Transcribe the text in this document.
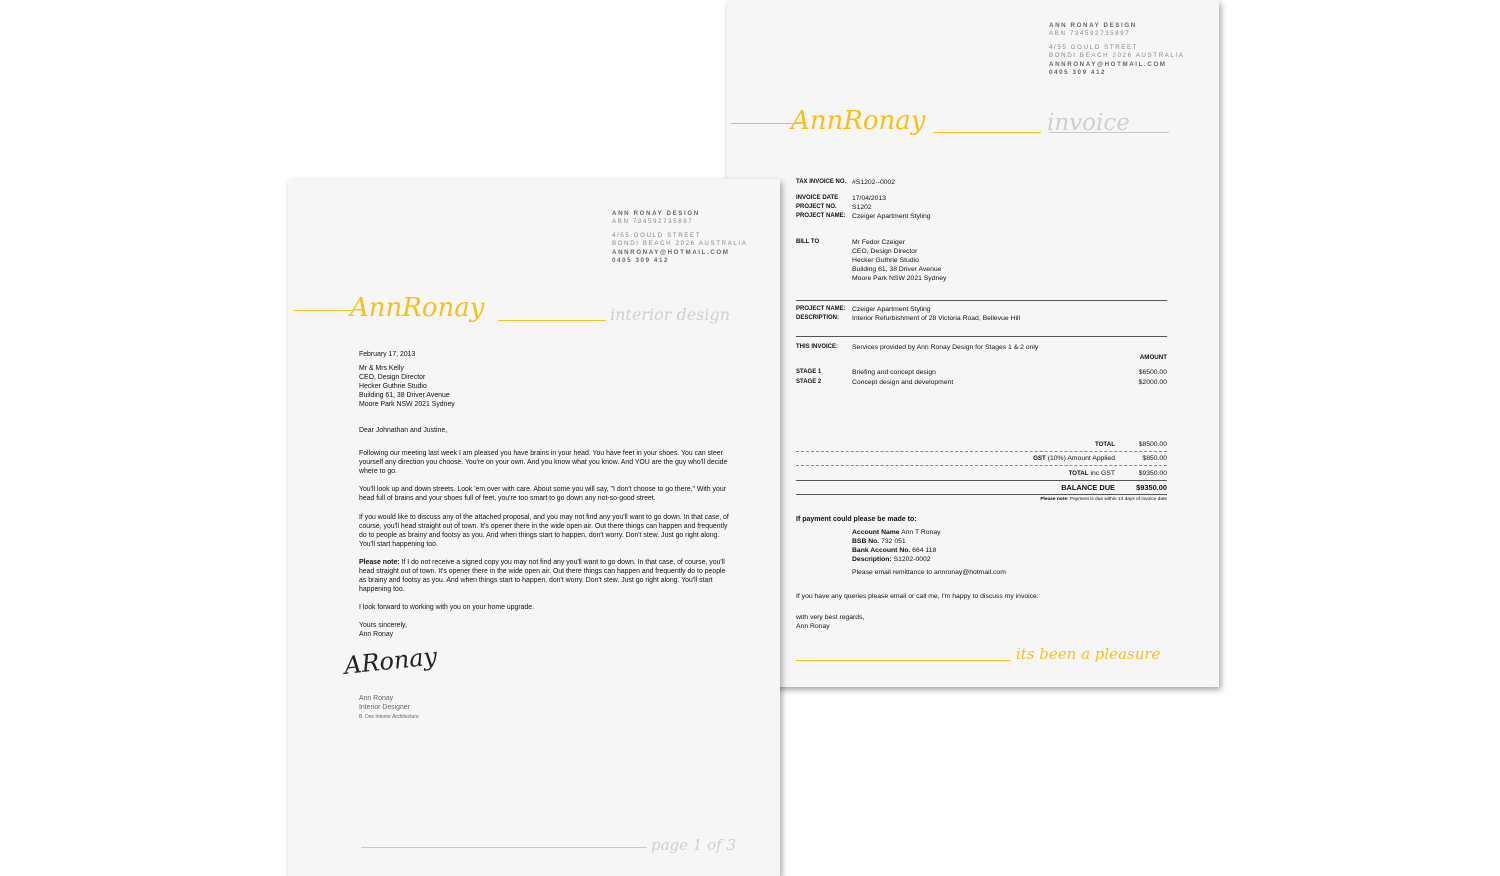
ANN RONAY DESIGN
ABN 734592735897
4/55 GOULD STREET
BONDI BEACH 2026 AUSTRALIA
ANNRONAY@HOTMAIL.COM
0405 309 412
AnnRonay	invoice
TAX INVOICE NO. #S1202--0002
INVOICE DATE	17/04/2013
PROJECT NO.	S1202
PROJECT NAME: Czeiger Apartment Styling
BILL TO	Mr Fedor Czeiger
CEO, Design Director
Hecker Guthrie Studio
Building 61, 38 Driver Avenue
Moore Park NSW 2021 Sydney
PROJECT NAME: Czeiger Apartment Styling
DESCRIPTION:	Interior Refurbishment of 28 Victoria Road, Bellevue Hill
THIS INVOICE:	Services provided by Ann Ronay Design for Stages 1 & 2 only
AMOUNT
STAGE 1	Briefing and concept design	$6500.00
STAGE 2	Concept design and development	$2000.00
TOTAL	$8500.00
GST (10%) Amount Applied	$850.00
TOTAL inc GST	$9350.00
BALANCE DUE	$9350.00
Please note: Payment is due within 14 days of invoice date
If payment could please be made to:
Account Name Ann T Ronay
BSB No. 732 051
Bank Account No. 664 118
Description: S1202-0002
Please email remittance to annronay@hotmail.com
If you have any queries please email or call me, I'm happy to discuss my invoice.
with very best regards,
Ann Ronay
its been a pleasure
ANN RONAY DESIGN
ABN 734592735897
4/55 GOULD STREET
BONDI BEACH 2026 AUSTRALIA
ANNRONAY@HOTMAIL.COM
0405 309 412
AnnRonay	interior design
February 17, 2013
Mr & Mrs Kelly
CEO, Design Director
Hecker Guthrie Studio
Building 61, 38 Driver Avenue
Moore Park NSW 2021 Sydney
Dear Johnathan and Justine,
Following our meeting last week I am pleased you have brains in your head. You have feet in your shoes. You can steer yourself any direction you choose. You're on your own. And you know what you know. And YOU are the guy who'll decide where to go.
You'll look up and down streets. Look 'em over with care. About some you will say, "I don't choose to go there." With your head full of brains and your shoes full of feet, you're too smart to go down any not-so-good street.
If you would like to discuss any of the attached proposal, and you may not find any you'll want to go down. In that case, of course, you'll head straight out of town. It's opener there in the wide open air. Out there things can happen and frequently do to people as brainy and footsy as you. And when things start to happen, don't worry. Don't stew. Just go right along. You'll start happening too.
Please note: If I do not receive a signed copy you may not find any you'll want to go down. In that case, of course, you'll head straight out of town. It's opener there in the wide open air. Out there things can happen and frequently do to people as brainy and footsy as you. And when things start to happen, don't worry. Don't stew. Just go right along. You'll start happening too.
I look forward to working with you on your home upgrade.
Yours sincerely,
Ann Ronay
ARonay
Ann Ronay
Interior Designer
B. Des Interior Architecture
page 1 of 3
